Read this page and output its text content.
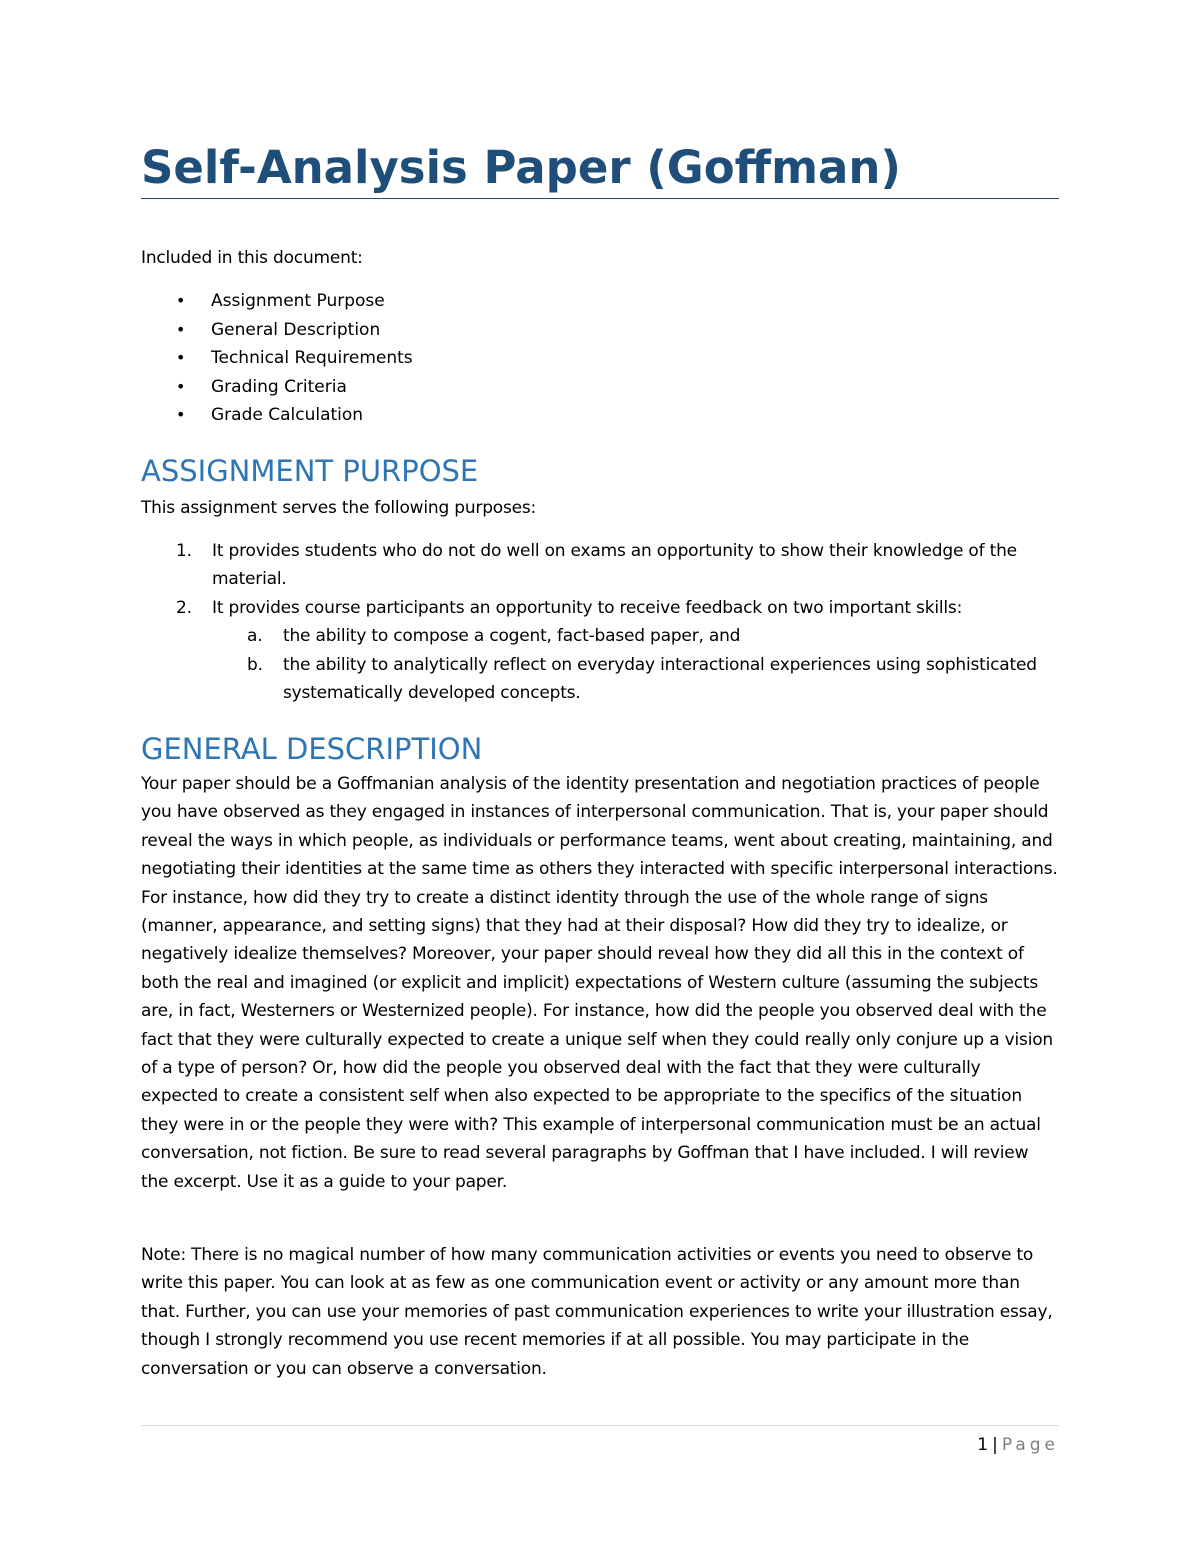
Self-Analysis Paper (Goffman)

Included in this document:

• Assignment Purpose
• General Description
• Technical Requirements
• Grading Criteria
• Grade Calculation
ASSIGNMENT PURPOSE

This assignment serves the following purposes:

1. It provides students who do not do well on exams an opportunity to show their knowledge of the material.
2. It provides course participants an opportunity to receive feedback on two important skills:
a. the ability to compose a cogent, fact-based paper, and
b. the ability to analytically reflect on everyday interactional experiences using sophisticated systematically developed concepts.
GENERAL DESCRIPTION

Your paper should be a Goffmanian analysis of the identity presentation and negotiation practices of people you have observed as they engaged in instances of interpersonal communication. That is, your paper should reveal the ways in which people, as individuals or performance teams, went about creating, maintaining, and negotiating their identities at the same time as others they interacted with specific interpersonal interactions. For instance, how did they try to create a distinct identity through the use of the whole range of signs (manner, appearance, and setting signs) that they had at their disposal? How did they try to idealize, or negatively idealize themselves? Moreover, your paper should reveal how they did all this in the context of both the real and imagined (or explicit and implicit) expectations of Western culture (assuming the subjects are, in fact, Westerners or Westernized people). For instance, how did the people you observed deal with the fact that they were culturally expected to create a unique self when they could really only conjure up a vision of a type of person? Or, how did the people you observed deal with the fact that they were culturally expected to create a consistent self when also expected to be appropriate to the specifics of the situation they were in or the people they were with? This example of interpersonal communication must be an actual conversation, not fiction. Be sure to read several paragraphs by Goffman that I have included. I will review the excerpt. Use it as a guide to your paper.

Note: There is no magical number of how many communication activities or events you need to observe to write this paper. You can look at as few as one communication event or activity or any amount more than that. Further, you can use your memories of past communication experiences to write your illustration essay, though I strongly recommend you use recent memories if at all possible. You may participate in the conversation or you can observe a conversation.

1 | Page
